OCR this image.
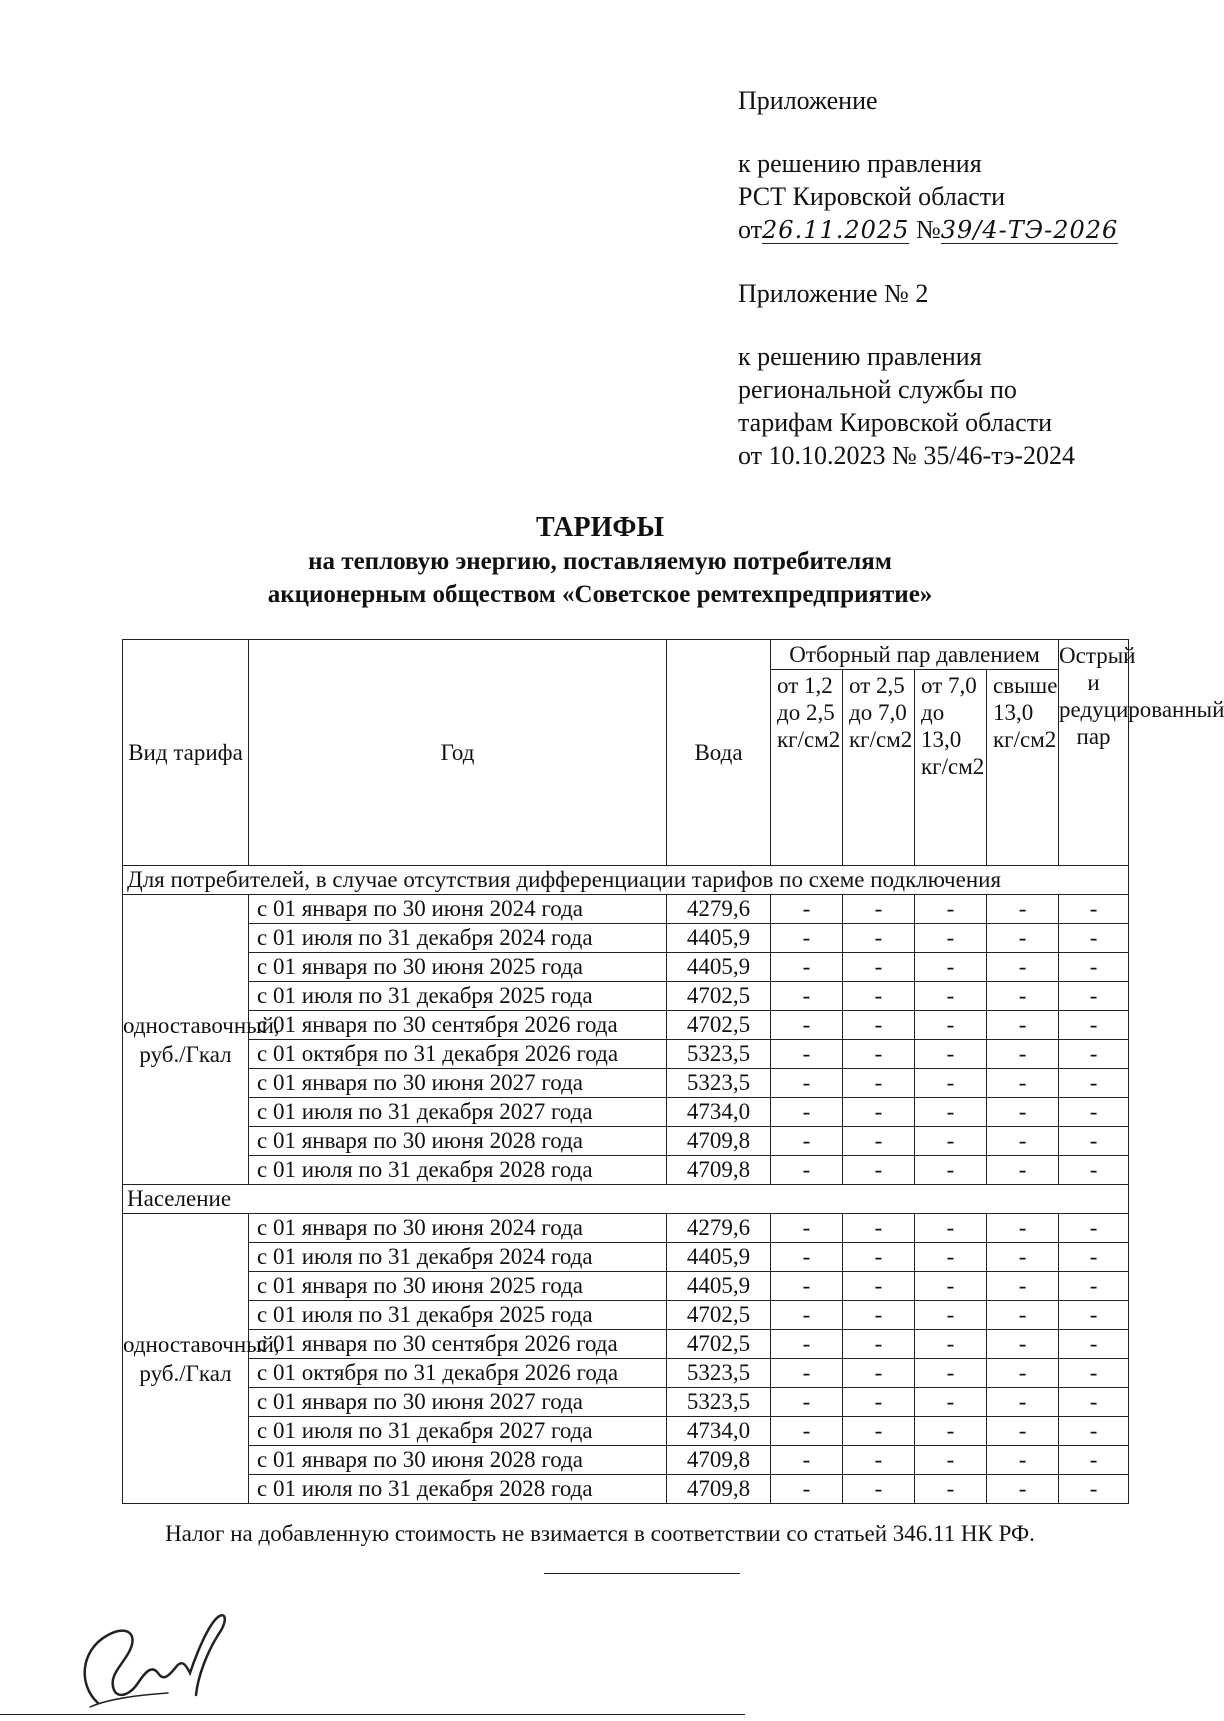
Приложение

к решению правления

РСТ Кировской области

от26.11.2025 №39/4-ТЭ-2026

Приложение № 2

к решению правления

региональной службы по

тарифам Кировской области

от 10.10.2023 № 35/46-тэ-2024

ТАРИФЫ
на тепловую энергию, поставляемую потребителям
акционерным обществом «Советское ремтехпредприятие»
Вид тарифа	Год	Вода	Отборный пар давлением				Острый и редуцированный пар
			от 1,2 до 2,5 кг/см2	от 2,5 до 7,0 кг/см2	от 7,0 до 13,0 кг/см2	свыше 13,0 кг/см2	
Для потребителей, в случае отсутствия дифференциации тарифов по схеме подключения							
одноставочный, руб./Гкал	с 01 января по 30 июня 2024 года	4279,6	-	-	-	-	-
	с 01 июля по 31 декабря 2024 года	4405,9	-	-	-	-	-
	с 01 января по 30 июня 2025 года	4405,9	-	-	-	-	-
	с 01 июля по 31 декабря 2025 года	4702,5	-	-	-	-	-
	с 01 января по 30 сентября 2026 года	4702,5	-	-	-	-	-
	с 01 октября по 31 декабря 2026 года	5323,5	-	-	-	-	-
	с 01 января по 30 июня 2027 года	5323,5	-	-	-	-	-
	с 01 июля по 31 декабря 2027 года	4734,0	-	-	-	-	-
	с 01 января по 30 июня 2028 года	4709,8	-	-	-	-	-
	с 01 июля по 31 декабря 2028 года	4709,8	-	-	-	-	-
Население							
одноставочный, руб./Гкал	с 01 января по 30 июня 2024 года	4279,6	-	-	-	-	-
	с 01 июля по 31 декабря 2024 года	4405,9	-	-	-	-	-
	с 01 января по 30 июня 2025 года	4405,9	-	-	-	-	-
	с 01 июля по 31 декабря 2025 года	4702,5	-	-	-	-	-
	с 01 января по 30 сентября 2026 года	4702,5	-	-	-	-	-
	с 01 октября по 31 декабря 2026 года	5323,5	-	-	-	-	-
	с 01 января по 30 июня 2027 года	5323,5	-	-	-	-	-
	с 01 июля по 31 декабря 2027 года	4734,0	-	-	-	-	-
	с 01 января по 30 июня 2028 года	4709,8	-	-	-	-	-
	с 01 июля по 31 декабря 2028 года	4709,8	-	-	-	-	-
Налог на добавленную стоимость не взимается в соответствии со статьей 346.11 НК РФ.
